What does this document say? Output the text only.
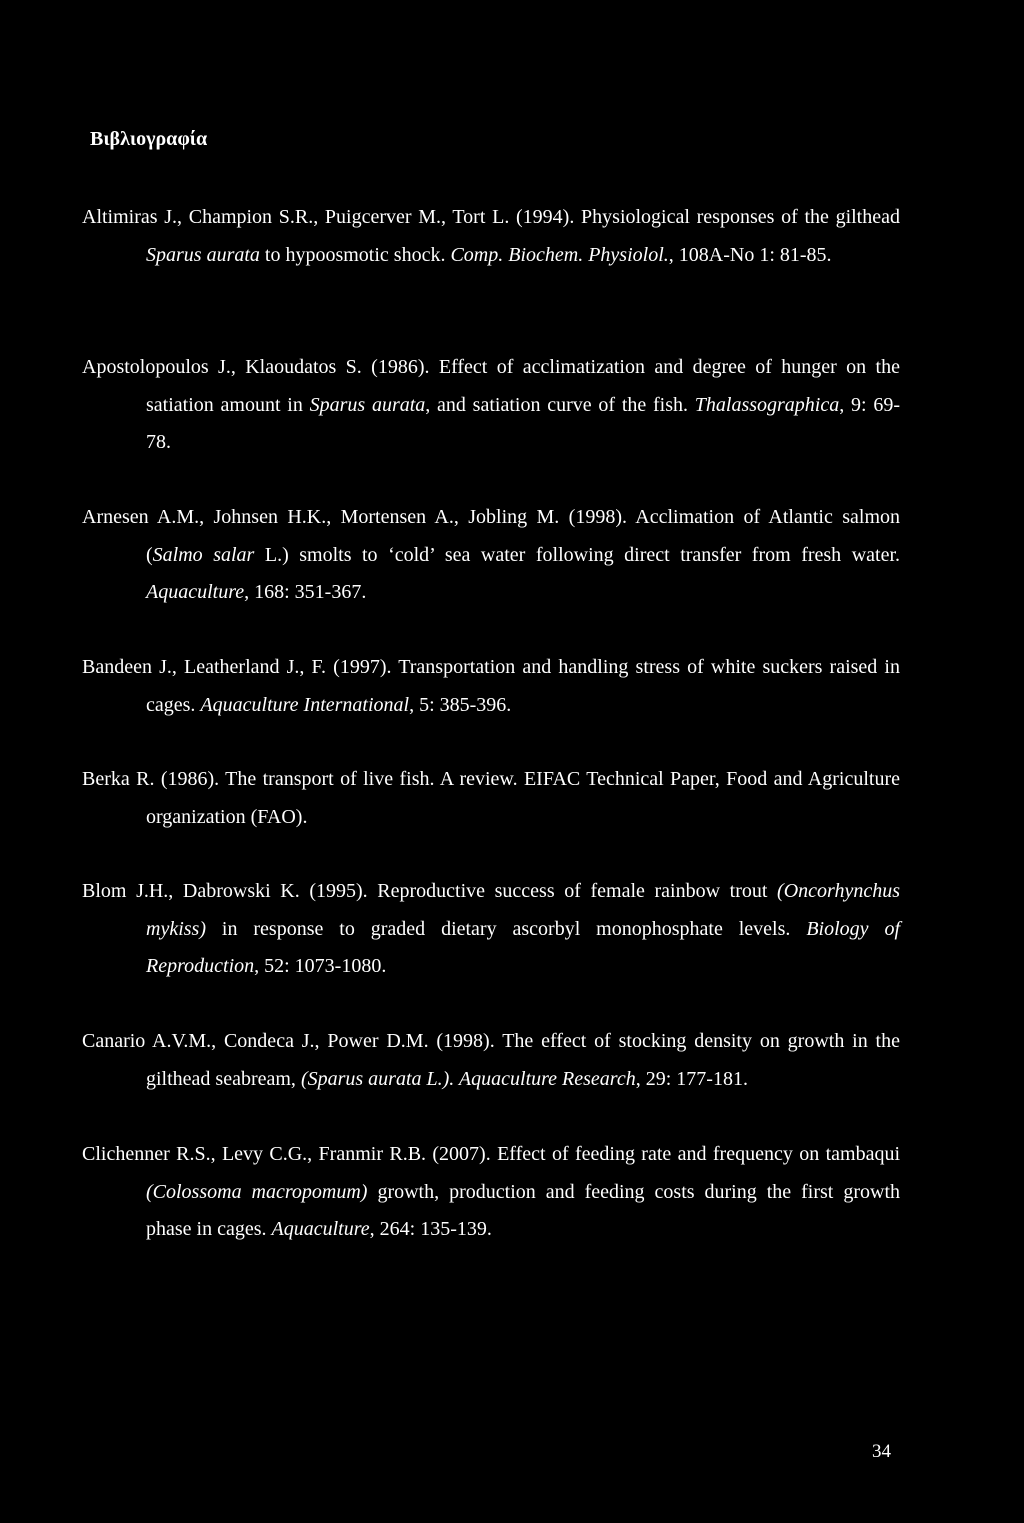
Βιβλιογραφία
Altimiras J., Champion S.R., Puigcerver M., Tort L. (1994). Physiological responses of the gilthead Sparus aurata to hypoosmotic shock. Comp. Biochem. Physiolol., 108A-No 1: 81-85.
Apostolopoulos J., Klaoudatos S. (1986). Effect of acclimatization and degree of hunger on the satiation amount in Sparus aurata, and satiation curve of the fish. Thalassographica, 9: 69-78.
Arnesen A.M., Johnsen H.K., Mortensen A., Jobling M. (1998). Acclimation of Atlantic salmon (Salmo salar L.) smolts to ‘cold’ sea water following direct transfer from fresh water. Aquaculture, 168: 351-367.
Bandeen J., Leatherland J., F. (1997). Transportation and handling stress of white suckers raised in cages. Aquaculture International, 5: 385-396.
Berka R. (1986). The transport of live fish. A review. EIFAC Technical Paper, Food and Agriculture organization (FAO).
Blom J.H., Dabrowski K. (1995). Reproductive success of female rainbow trout (Oncorhynchus mykiss) in response to graded dietary ascorbyl monophosphate levels. Biology of Reproduction, 52: 1073-1080.
Canario A.V.M., Condeca J., Power D.M. (1998). The effect of stocking density on growth in the gilthead seabream, (Sparus aurata L.). Aquaculture Research, 29: 177-181.
Clichenner R.S., Levy C.G., Franmir R.B. (2007). Effect of feeding rate and frequency on tambaqui (Colossoma macropomum) growth, production and feeding costs during the first growth phase in cages. Aquaculture, 264: 135-139.
34
